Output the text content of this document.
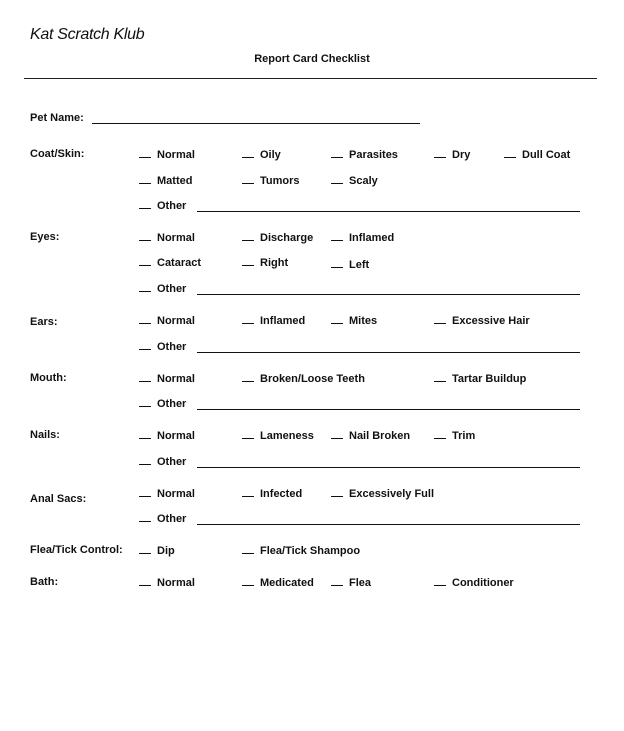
Kat Scratch Klub
Report Card Checklist
Pet Name:
Coat/Skin:	Normal	Oily	Parasites	Dry	Dull Coat
Matted	Tumors	Scaly
Other
Eyes:	Normal	Discharge	Inflamed
Cataract	Right	Left
Other
Ears:	Normal	Inflamed	Mites	Excessive Hair
Other
Mouth:	Normal	Broken/Loose Teeth	Tartar Buildup
Other
Nails:	Normal	Lameness	Nail Broken	Trim
Other
Anal Sacs:	Normal	Infected	Excessively Full
Other
Flea/Tick Control:	Dip	Flea/Tick Shampoo
Bath:	Normal	Medicated	Flea	Conditioner
